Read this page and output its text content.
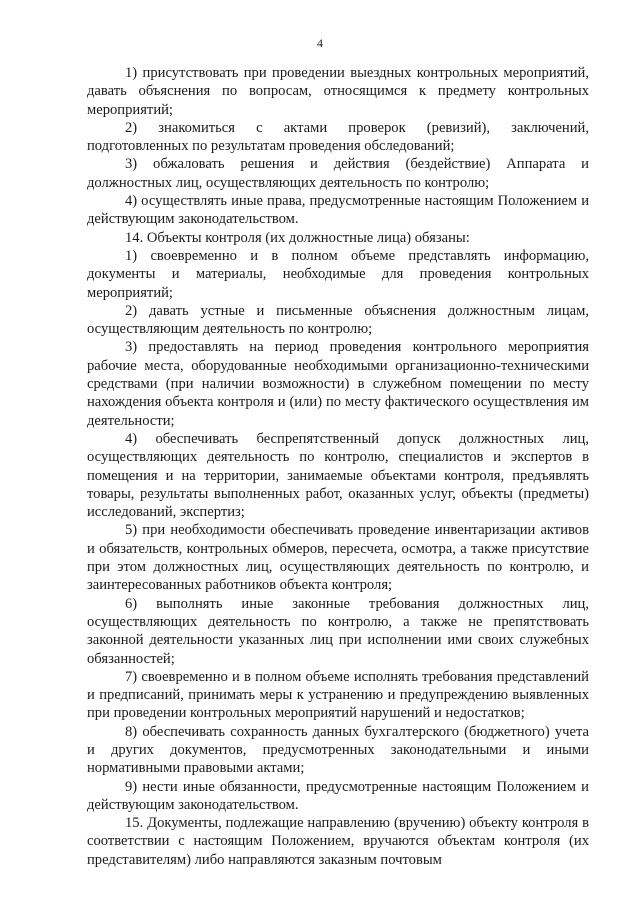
4

1) присутствовать при проведении выездных контрольных мероприятий, давать объяснения по вопросам, относящимся к предмету контрольных мероприятий;

2) знакомиться с актами проверок (ревизий), заключений, подготовленных по результатам проведения обследований;

3) обжаловать решения и действия (бездействие) Аппарата и должностных лиц, осуществляющих деятельность по контролю;

4) осуществлять иные права, предусмотренные настоящим Положением и действующим законодательством.

14. Объекты контроля (их должностные лица) обязаны:

1) своевременно и в полном объеме представлять информацию, документы и материалы, необходимые для проведения контрольных мероприятий;

2) давать устные и письменные объяснения должностным лицам, осуществляющим деятельность по контролю;

3) предоставлять на период проведения контрольного мероприятия рабочие места, оборудованные необходимыми организационно-техническими средствами (при наличии возможности) в служебном помещении по месту нахождения объекта контроля и (или) по месту фактического осуществления им деятельности;

4) обеспечивать беспрепятственный допуск должностных лиц, осуществляющих деятельность по контролю, специалистов и экспертов в помещения и на территории, занимаемые объектами контроля, предъявлять товары, результаты выполненных работ, оказанных услуг, объекты (предметы) исследований, экспертиз;

5) при необходимости обеспечивать проведение инвентаризации активов и обязательств, контрольных обмеров, пересчета, осмотра, а также присутствие при этом должностных лиц, осуществляющих деятельность по контролю, и заинтересованных работников объекта контроля;

6) выполнять иные законные требования должностных лиц, осуществляющих деятельность по контролю, а также не препятствовать законной деятельности указанных лиц при исполнении ими своих служебных обязанностей;

7) своевременно и в полном объеме исполнять требования представлений и предписаний, принимать меры к устранению и предупреждению выявленных при проведении контрольных мероприятий нарушений и недостатков;

8) обеспечивать сохранность данных бухгалтерского (бюджетного) учета и других документов, предусмотренных законодательными и иными нормативными правовыми актами;

9) нести иные обязанности, предусмотренные настоящим Положением и действующим законодательством.

15. Документы, подлежащие направлению (вручению) объекту контроля в соответствии с настоящим Положением, вручаются объектам контроля (их представителям) либо направляются заказным почтовым
